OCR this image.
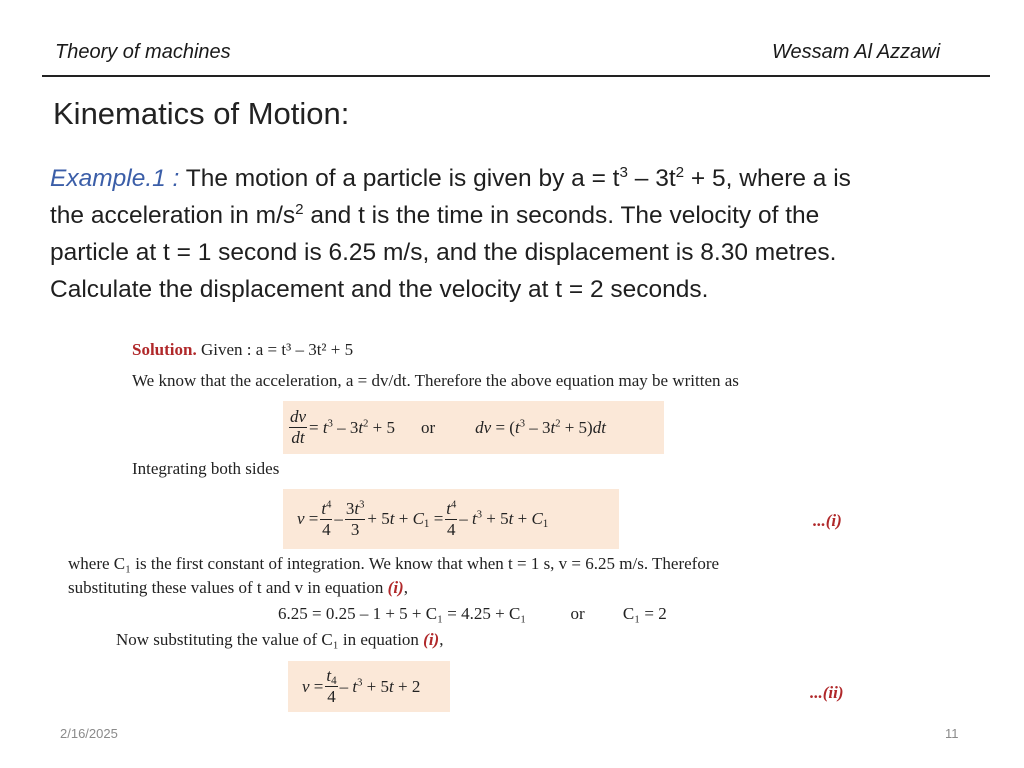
Theory of machines	Wessam Al Azzawi
Kinematics of Motion:
Example.1 : The motion of a particle is given by $a = t^3 - 3t^2 + 5$, where a is
the acceleration in $m/s^2$ and t is the time in seconds. The velocity of the
particle at t = 1 second is 6.25 m/s, and the displacement is 8.30 metres.
Calculate the displacement and the velocity at t = 2 seconds.
Solution. Given : a = t³ – 3t² + 5
We know that the acceleration, a = dv/dt. Therefore the above equation may be written as
$\frac{dv}{dt} = t^3 - 3t^2 + 5$ or dv = $(t^3 - 3t^2 + 5)dt$
Integrating both sides
$v = \frac{t^4}{4} - \frac{3t^3}{3} + 5t + C_1 = \frac{t^4}{4} - t^3 + 5t + C_1$	...(i)
where C₁ is the first constant of integration. We know that when t = 1 s, v = 6.25 m/s. Therefore
substituting these values of t and v in equation (i),
6.25 = 0.25 – 1 + 5 + C₁ = 4.25 + C₁	or C₁ = 2
Now substituting the value of C₁ in equation (i),
$v = \frac{t_4}{4} - t^3 + 5t + 2$	...(ii)
2/16/2025	11
